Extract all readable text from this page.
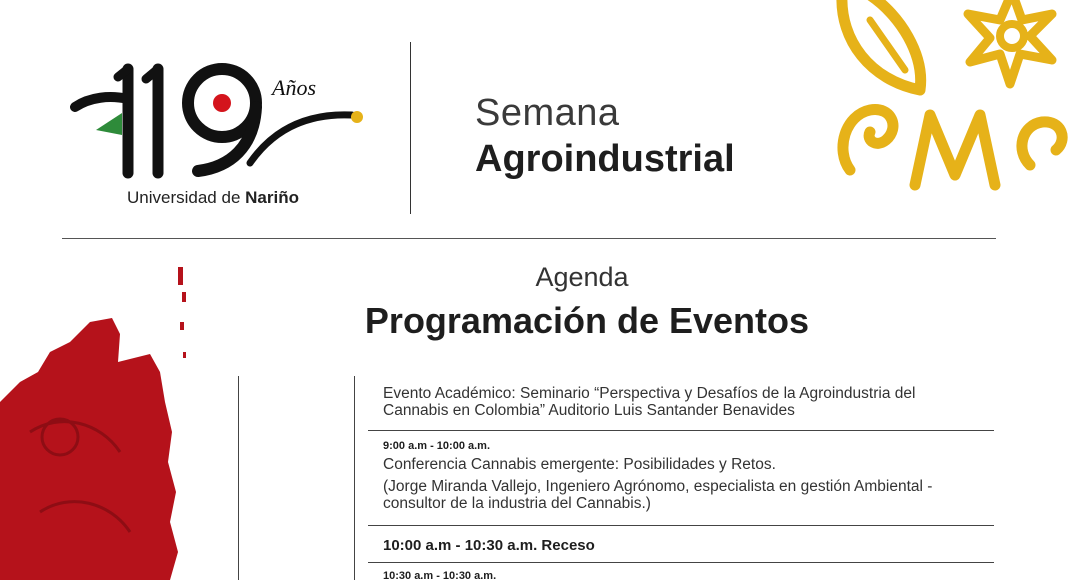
Años
Universidad de Nariño
Semana
Agroindustrial
Agenda
Programación de Eventos
Evento Académico: Seminario “Perspectiva y Desafíos de la Agroindustria del Cannabis en Colombia” Auditorio Luis Santander Benavides
9:00 a.m - 10:00 a.m.
Conferencia Cannabis emergente: Posibilidades y Retos.
(Jorge Miranda Vallejo, Ingeniero Agrónomo, especialista en gestión Ambiental - consultor de la industria del Cannabis.)
10:00 a.m - 10:30 a.m. Receso
10:30 a.m - 10:30 a.m.
